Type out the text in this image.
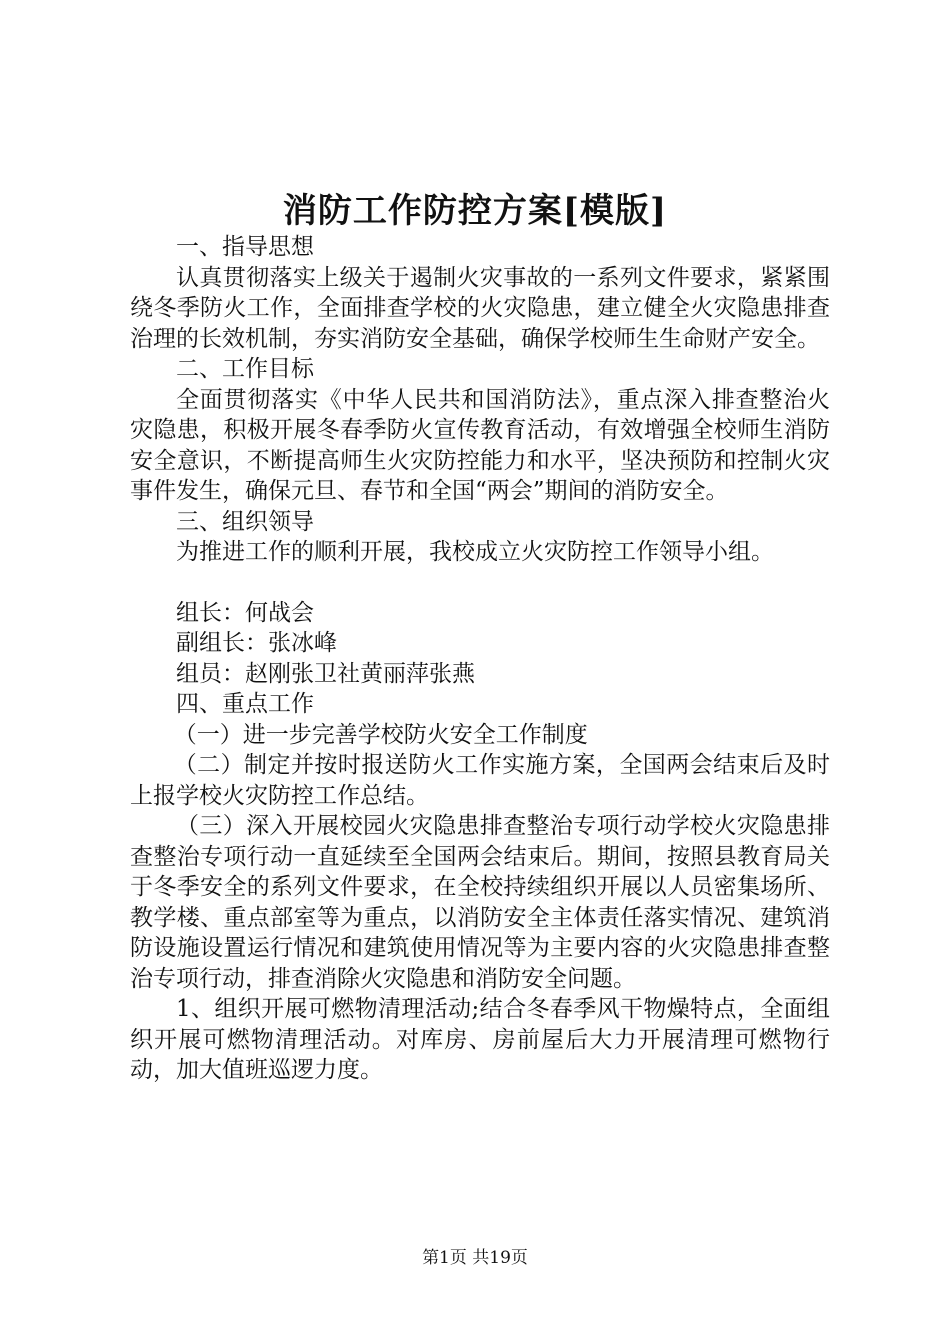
消防工作防控方案[模版]

一、指导思想

认真贯彻落实上级关于遏制火灾事故的一系列文件要求，紧紧围绕冬季防火工作，全面排查学校的火灾隐患，建立健全火灾隐患排查治理的长效机制，夯实消防安全基础，确保学校师生生命财产安全。

二、工作目标

全面贯彻落实《中华人民共和国消防法》，重点深入排查整治火灾隐患，积极开展冬春季防火宣传教育活动，有效增强全校师生消防安全意识，不断提高师生火灾防控能力和水平，坚决预防和控制火灾事件发生，确保元旦、春节和全国“两会”期间的消防安全。

三、组织领导

为推进工作的顺利开展，我校成立火灾防控工作领导小组。

组长：何战会

副组长：张冰峰

组员：赵刚张卫社黄丽萍张燕

四、重点工作

（一）进一步完善学校防火安全工作制度

（二）制定并按时报送防火工作实施方案，全国两会结束后及时上报学校火灾防控工作总结。

（三）深入开展校园火灾隐患排查整治专项行动学校火灾隐患排查整治专项行动一直延续至全国两会结束后。期间，按照县教育局关于冬季安全的系列文件要求，在全校持续组织开展以人员密集场所、教学楼、重点部室等为重点，以消防安全主体责任落实情况、建筑消防设施设置运行情况和建筑使用情况等为主要内容的火灾隐患排查整治专项行动，排查消除火灾隐患和消防安全问题。

1、组织开展可燃物清理活动;结合冬春季风干物燥特点，全面组织开展可燃物清理活动。对库房、房前屋后大力开展清理可燃物行动，加大值班巡逻力度。

第1页 共19页
